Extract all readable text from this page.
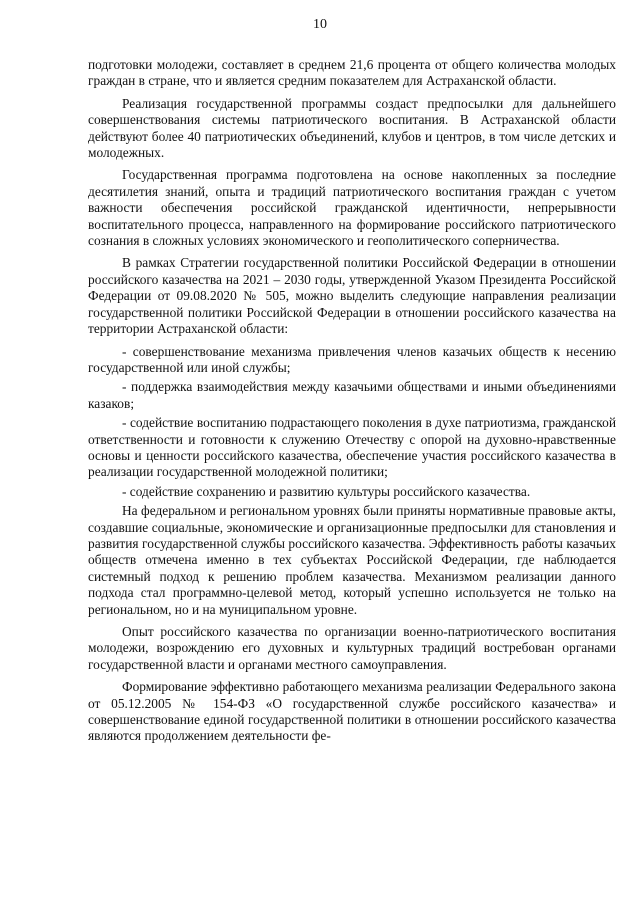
10

подготовки молодежи, составляет в среднем 21,6 процента от общего количества молодых граждан в стране, что и является средним показателем для Астраханской области.

Реализация государственной программы создаст предпосылки для дальнейшего совершенствования системы патриотического воспитания. В Астраханской области действуют более 40 патриотических объединений, клубов и центров, в том числе детских и молодежных.

Государственная программа подготовлена на основе накопленных за последние десятилетия знаний, опыта и традиций патриотического воспитания граждан с учетом важности обеспечения российской гражданской идентичности, непрерывности воспитательного процесса, направленного на формирование российского патриотического сознания в сложных условиях экономического и геополитического соперничества.

В рамках Стратегии государственной политики Российской Федерации в отношении российского казачества на 2021 – 2030 годы, утвержденной Указом Президента Российской Федерации от 09.08.2020 № 505, можно выделить следующие направления реализации государственной политики Российской Федерации в отношении российского казачества на территории Астраханской области:

- совершенствование механизма привлечения членов казачьих обществ к несению государственной или иной службы;

- поддержка взаимодействия между казачьими обществами и иными объединениями казаков;

- содействие воспитанию подрастающего поколения в духе патриотизма, гражданской ответственности и готовности к служению Отечеству с опорой на духовно-нравственные основы и ценности российского казачества, обеспечение участия российского казачества в реализации государственной молодежной политики;

- содействие сохранению и развитию культуры российского казачества.

На федеральном и региональном уровнях были приняты нормативные правовые акты, создавшие социальные, экономические и организационные предпосылки для становления и развития государственной службы российского казачества. Эффективность работы казачьих обществ отмечена именно в тех субъектах Российской Федерации, где наблюдается системный подход к решению проблем казачества. Механизмом реализации данного подхода стал программно-целевой метод, который успешно используется не только на региональном, но и на муниципальном уровне.

Опыт российского казачества по организации военно-патриотического воспитания молодежи, возрождению его духовных и культурных традиций востребован органами государственной власти и органами местного самоуправления.

Формирование эффективно работающего механизма реализации Федерального закона от 05.12.2005 № 154-ФЗ «О государственной службе российского казачества» и совершенствование единой государственной политики в отношении российского казачества являются продолжением деятельности фе-
